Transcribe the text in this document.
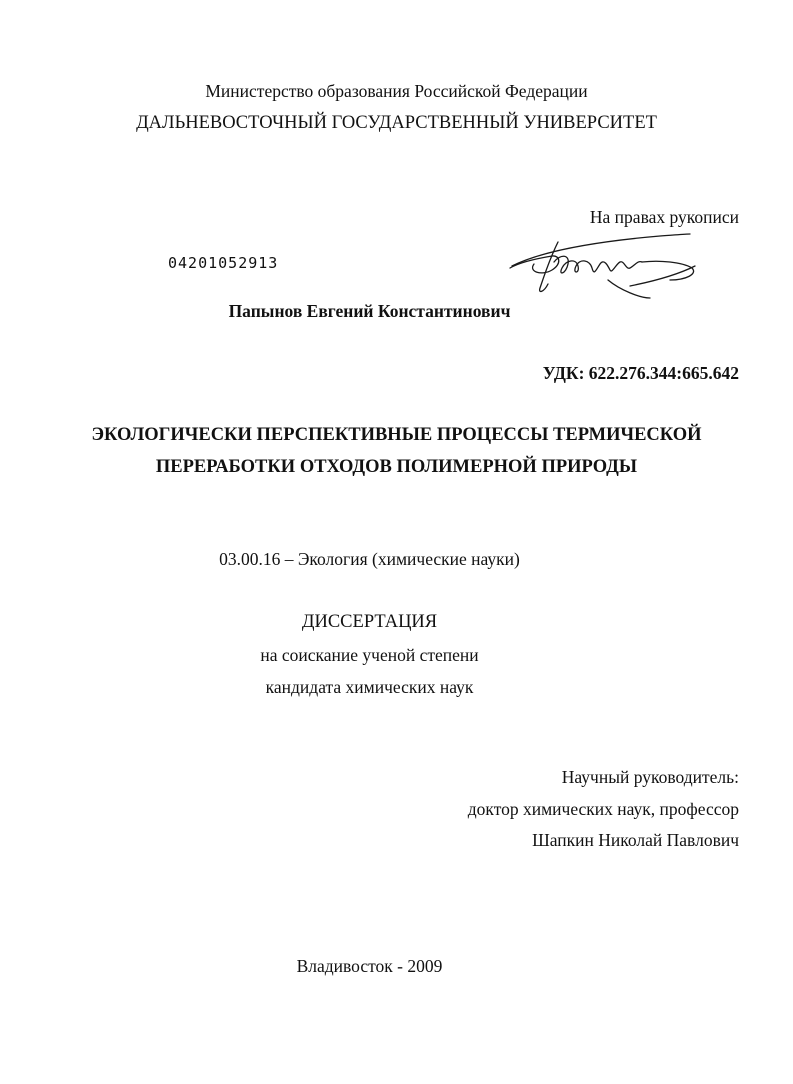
Министерство образования Российской Федерации
ДАЛЬНЕВОСТОЧНЫЙ ГОСУДАРСТВЕННЫЙ УНИВЕРСИТЕТ
На правах рукописи
04201052913
Папынов Евгений Константинович
УДК: 622.276.344:665.642
ЭКОЛОГИЧЕСКИ ПЕРСПЕКТИВНЫЕ ПРОЦЕССЫ ТЕРМИЧЕСКОЙ
ПЕРЕРАБОТКИ ОТХОДОВ ПОЛИМЕРНОЙ ПРИРОДЫ
03.00.16 – Экология (химические науки)
ДИССЕРТАЦИЯ
на соискание ученой степени
кандидата химических наук
Научный руководитель:
доктор химических наук, профессор
Шапкин Николай Павлович
Владивосток - 2009
